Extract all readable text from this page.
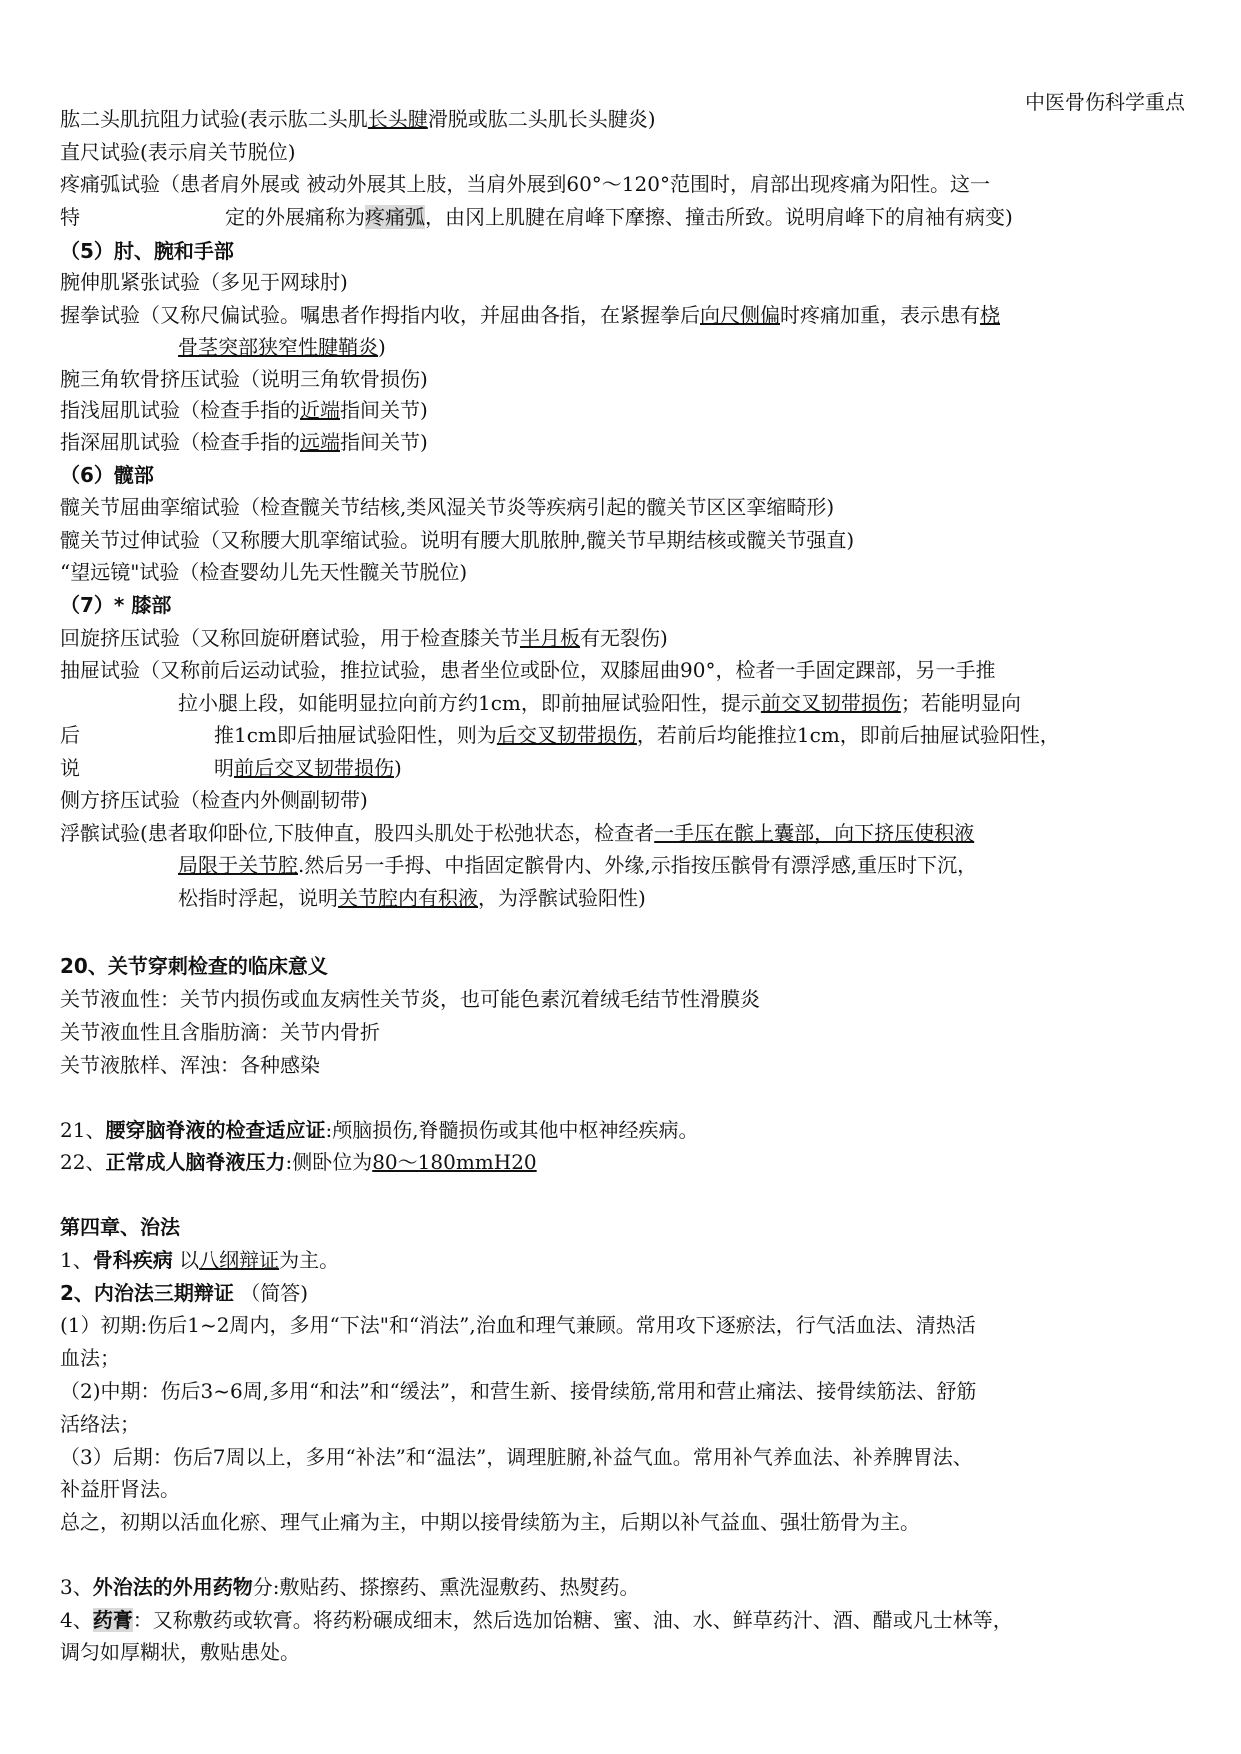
中医骨伤科学重点
肱二头肌抗阻力试验(表示肱二头肌长头腱滑脱或肱二头肌长头腱炎)
直尺试验(表示肩关节脱位)
疼痛弧试验（患者肩外展或 被动外展其上肢，当肩外展到60°～120°范围时，肩部出现疼痛为阳性。这一
特	定的外展痛称为疼痛弧，由冈上肌腱在肩峰下摩擦、撞击所致。说明肩峰下的肩袖有病变)
（5）肘、腕和手部
腕伸肌紧张试验（多见于网球肘)
握拳试验（又称尺偏试验。嘱患者作拇指内收，并屈曲各指，在紧握拳后向尺侧偏时疼痛加重，表示患有桡
骨茎突部狭窄性腱鞘炎)
腕三角软骨挤压试验（说明三角软骨损伤)
指浅屈肌试验（检查手指的近端指间关节)
指深屈肌试验（检查手指的远端指间关节)
（6）髋部
髋关节屈曲挛缩试验（检查髋关节结核,类风湿关节炎等疾病引起的髋关节区区挛缩畸形)
髋关节过伸试验（又称腰大肌挛缩试验。说明有腰大肌脓肿,髋关节早期结核或髋关节强直)
“望远镜"试验（检查婴幼儿先天性髋关节脱位)
（7）* 膝部
回旋挤压试验（又称回旋研磨试验，用于检查膝关节半月板有无裂伤)
抽屉试验（又称前后运动试验，推拉试验，患者坐位或卧位，双膝屈曲90°，检者一手固定踝部，另一手推
拉小腿上段，如能明显拉向前方约1cm，即前抽屉试验阳性，提示前交叉韧带损伤；若能明显向
后	推1cm即后抽屉试验阳性，则为后交叉韧带损伤，若前后均能推拉1cm，即前后抽屉试验阳性，
说	明前后交叉韧带损伤)
侧方挤压试验（检查内外侧副韧带)
浮髌试验(患者取仰卧位,下肢伸直，股四头肌处于松弛状态，检查者一手压在髌上囊部，向下挤压使积液
局限于关节腔.然后另一手拇、中指固定髌骨内、外缘,示指按压髌骨有漂浮感,重压时下沉，
松指时浮起，说明关节腔内有积液，为浮髌试验阳性)
20、关节穿刺检查的临床意义
关节液血性：关节内损伤或血友病性关节炎，也可能色素沉着绒毛结节性滑膜炎
关节液血性且含脂肪滴：关节内骨折
关节液脓样、浑浊：各种感染
21、腰穿脑脊液的检查适应证:颅脑损伤,脊髓损伤或其他中枢神经疾病。
22、正常成人脑脊液压力:侧卧位为80～180mmH20
第四章、治法
1、骨科疾病 以八纲辩证为主。
2、内治法三期辩证 （简答)
(1）初期:伤后1~2周内，多用“下法"和“消法”,治血和理气兼顾。常用攻下逐瘀法，行气活血法、清热活
血法；
（2)中期：伤后3~6周,多用“和法”和“缓法”，和营生新、接骨续筋,常用和营止痛法、接骨续筋法、舒筋
活络法；
（3）后期：伤后7周以上，多用“补法”和“温法”，调理脏腑,补益气血。常用补气养血法、补养脾胃法、
补益肝肾法。
总之，初期以活血化瘀、理气止痛为主，中期以接骨续筋为主，后期以补气益血、强壮筋骨为主。
3、外治法的外用药物分:敷贴药、搽擦药、熏洗湿敷药、热熨药。
4、药膏：又称敷药或软膏。将药粉碾成细末，然后选加饴糖、蜜、油、水、鲜草药汁、酒、醋或凡士林等，
调匀如厚糊状，敷贴患处。
